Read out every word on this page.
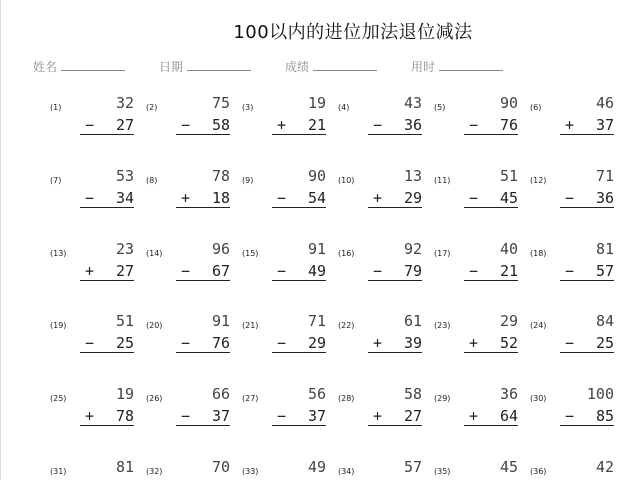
100以内的进位加法退位减法
姓名	日期	成绩	用时
(1)	32
− 27
(2)	75
− 58
(3)	19
+ 21
(4)	43
− 36
(5)	90
− 76
(6)	46
+ 37
(7)	53
− 34
(8)	78
+ 18
(9)	90
− 54
(10)	13
+ 29
(11)	51
− 45
(12)	71
− 36
(13)	23
+ 27
(14)	96
− 67
(15)	91
− 49
(16)	92
− 79
(17)	40
− 21
(18)	81
− 57
(19)	51
− 25
(20)	91
− 76
(21)	71
− 29
(22)	61
+ 39
(23)	29
+ 52
(24)	84
− 25
(25)	19
+ 78
(26)	66
− 37
(27)	56
− 37
(28)	58
+ 27
(29)	36
+ 64
(30)	100
− 85
(31)	81 (32)	70 (33)	49 (34)	57 (35)	45 (36)	42
